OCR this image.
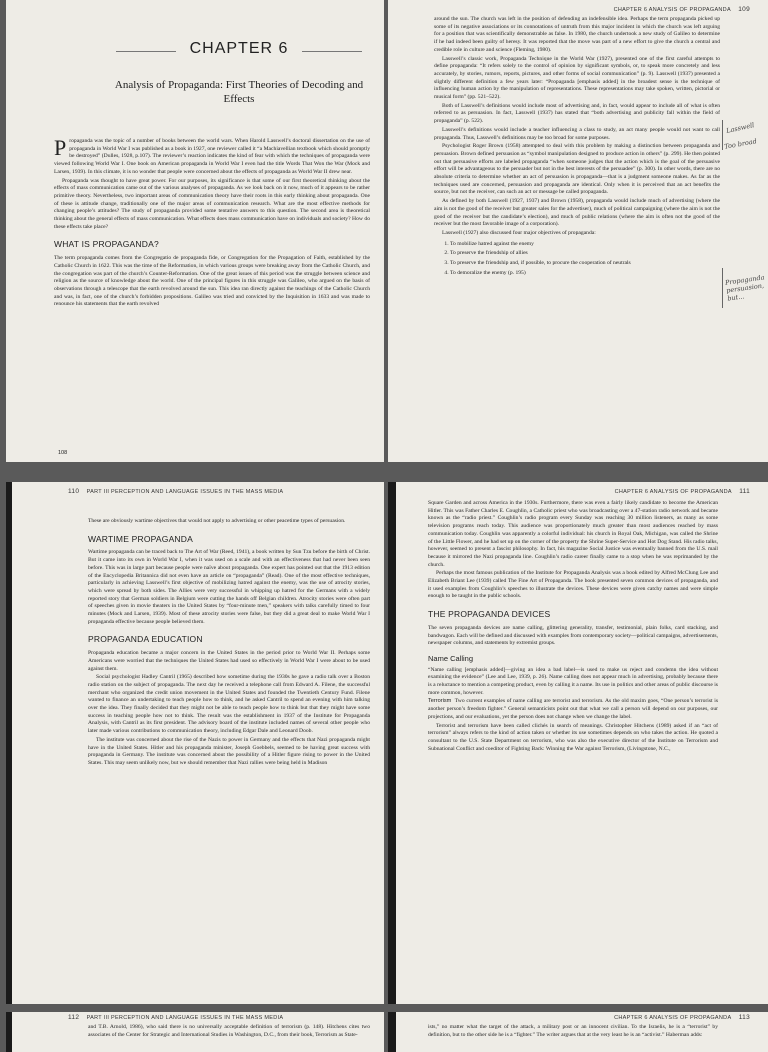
CHAPTER 6
Analysis of Propaganda: First Theories of Decoding and Effects

Propaganda was the topic of a number of books between the world wars. When Harold Lasswell’s doctoral dissertation on the use of propaganda in World War I was published as a book in 1927, one reviewer called it “a Machiavellian textbook which should promptly be destroyed” (Dulles, 1928, p.107). The reviewer’s reaction indicates the kind of fear with which the techniques of propaganda were viewed following World War I. One book on American propaganda in World War I even had the title Words That Won the War (Mock and Larsen, 1939). In this climate, it is no wonder that people were concerned about the effects of propaganda as World War II drew near.

Propaganda was thought to have great power. For our purposes, its significance is that some of our first theoretical thinking about the effects of mass communication came out of the various analyses of propaganda. As we look back on it now, much of it appears to be rather primitive theory. Nevertheless, two important areas of communication theory have their roots in this early thinking about propaganda. One of these is attitude change, traditionally one of the major areas of communication research. What are the most effective methods for changing people’s attitudes? The study of propaganda provided some tentative answers to this question. The second area is theoretical thinking about the general effects of mass communication. What effects does mass communication have on individuals and society? How do these effects take place?

WHAT IS PROPAGANDA?

The term propaganda comes from the Congregatio de propaganda fide, or Congregation for the Propagation of Faith, established by the Catholic Church in 1622. This was the time of the Reformation, in which various groups were breaking away from the Catholic Church, and the congregation was part of the church’s Counter-Reformation. One of the great issues of this period was the struggle between science and religion as the source of knowledge about the world. One of the principal figures in this struggle was Galileo, who argued on the basis of observations through a telescope that the earth revolved around the sun. This idea ran directly against the teachings of the Catholic Church and was, in fact, one of the church’s forbidden propositions. Galileo was tried and convicted by the Inquisition in 1633 and was made to renounce his statements that the earth revolved

108
CHAPTER 6 ANALYSIS OF PROPAGANDA 109

around the sun. The church was left in the position of defending an indefensible idea. Perhaps the term propaganda picked up some of its negative associations or its connotations of untruth from this major incident in which the church was left arguing for a position that was scientifically demonstrable as false. In 1980, the church undertook a new study of Galileo to determine if he had indeed been guilty of heresy. It was reported that the move was part of a new effort to give the church a central and credible role in culture and science (Fleming, 1980).

Lasswell’s classic work, Propaganda Technique in the World War (1927), presented one of the first careful attempts to define propaganda: “It refers solely to the control of opinion by significant symbols, or, to speak more concretely and less accurately, by stories, rumors, reports, pictures, and other forms of social communication” (p. 9). Lasswell (1937) presented a slightly different definition a few years later: “Propaganda [emphasis added] in the broadest sense is the technique of influencing human action by the manipulation of representations. These representations may take spoken, written, pictorial or musical form” (pp. 521–522).

Both of Lasswell’s definitions would include most of advertising and, in fact, would appear to include all of what is often referred to as persuasion. In fact, Lasswell (1937) has stated that “both advertising and publicity fall within the field of propaganda” (p. 522).

Lasswell’s definitions would include a teacher influencing a class to study, an act many people would not want to call propaganda. Thus, Lasswell’s definitions may be too broad for some purposes.

Psychologist Roger Brown (1958) attempted to deal with this problem by making a distinction between propaganda and persuasion. Brown defined persuasion as “symbol manipulation designed to produce action in others” (p. 299). He then pointed out that persuasive efforts are labeled propaganda “when someone judges that the action which is the goal of the persuasive effort will be advantageous to the persuader but not in the best interests of the persuadee” (p. 300). In other words, there are no absolute criteria to determine whether an act of persuasion is propaganda—that is a judgment someone makes. As far as the techniques used are concerned, persuasion and propaganda are identical. Only when it is perceived that an act benefits the source, but not the receiver, can such an act or message be called propaganda.

As defined by both Lasswell (1927, 1937) and Brown (1958), propaganda would include much of advertising (where the aim is not the good of the receiver but greater sales for the advertiser), much of political campaigning (where the aim is not the good of the receiver but the candidate’s election), and much of public relations (where the aim is often not the good of the receiver but the most favorable image of a corporation).

Lasswell (1927) also discussed four major objectives of propaganda:

1. To mobilize hatred against the enemy
2. To preserve the friendship of allies
3. To preserve the friendship and, if possible, to procure the cooperation of neutrals
4. To demoralize the enemy (p. 195)
Lasswell
Too broad
Propaganda persuasion, but...
110 PART III PERCEPTION AND LANGUAGE ISSUES IN THE MASS MEDIA

These are obviously wartime objectives that would not apply to advertising or other peacetime types of persuasion.

WARTIME PROPAGANDA

Wartime propaganda can be traced back to The Art of War (Reed, 1941), a book written by Sun Tzu before the birth of Christ. But it came into its own in World War I, when it was used on a scale and with an effectiveness that had never been seen before. This was in large part because people were naïve about propaganda. One expert has pointed out that the 1913 edition of the Encyclopedia Britannica did not even have an article on “propaganda” (Read). One of the most effective techniques, particularly in achieving Lasswell’s first objective of mobilizing hatred against the enemy, was the use of atrocity stories, which were spread by both sides. The Allies were very successful in whipping up hatred for the Germans with a widely reported story that German soldiers in Belgium were cutting the hands off Belgian children. Atrocity stories were often part of speeches given in movie theaters in the United States by “four-minute men,” speakers with talks carefully timed to four minutes (Mock and Larsen, 1939). Most of these atrocity stories were false, but they did a great deal to make World War I propaganda effective because people believed them.

PROPAGANDA EDUCATION

Propaganda education became a major concern in the United States in the period prior to World War II. Perhaps some Americans were worried that the techniques the United States had used so effectively in World War I were about to be used against them.

Social psychologist Hadley Cantril (1965) described how sometime during the 1930s he gave a radio talk over a Boston radio station on the subject of propaganda. The next day he received a telephone call from Edward A. Filene, the successful merchant who organized the credit union movement in the United States and founded the Twentieth Century Fund. Filene wanted to finance an undertaking to teach people how to think, and he asked Cantril to spend an evening with him talking over the idea. They finally decided that they might not be able to teach people how to think but that they might have some success in teaching people how not to think. The result was the establishment in 1937 of the Institute for Propaganda Analysis, with Cantril as its first president. The advisory board of the institute included names of several other people who later made various contributions to communication theory, including Edgar Dale and Leonard Doob.

The institute was concerned about the rise of the Nazis to power in Germany and the effects that Nazi propaganda might have in the United States. Hitler and his propaganda minister, Joseph Goebbels, seemed to be having great success with propaganda in Germany. The institute was concerned about the possibility of a Hitler figure rising to power in the United States. This may seem unlikely now, but we should remember that Nazi rallies were being held in Madison

CHAPTER 6 ANALYSIS OF PROPAGANDA 111

Square Garden and across America in the 1930s. Furthermore, there was even a fairly likely candidate to become the American Hitler. This was Father Charles E. Coughlin, a Catholic priest who was broadcasting over a 47-station radio network and became known as the “radio priest.” Coughlin’s radio program every Sunday was reaching 30 million listeners, as many as some television programs reach today. This audience was proportionately much greater than most audiences reached by mass communication today. Coughlin was apparently a colorful individual: his church in Royal Oak, Michigan, was called the Shrine of the Little Flower, and he had set up on the corner of the property the Shrine Super-Service and Hot Dog Stand. His radio talks, however, seemed to present a fascist philosophy. In fact, his magazine Social Justice was eventually banned from the U.S. mail because it mirrored the Nazi propaganda line. Coughlin’s radio career finally came to a stop when he was reprimanded by the church.

Perhaps the most famous publication of the Institute for Propaganda Analysis was a book edited by Alfred McClung Lee and Elizabeth Briant Lee (1939) called The Fine Art of Propaganda. The book presented seven common devices of propaganda, and it used examples from Coughlin’s speeches to illustrate the devices. These devices were given catchy names and were simple enough to be taught in the public schools.

THE PROPAGANDA DEVICES

The seven propaganda devices are name calling, glittering generality, transfer, testimonial, plain folks, card stacking, and bandwagon. Each will be defined and discussed with examples from contemporary society—political campaigns, advertisements, newspaper columns, and statements by extremist groups.

Name Calling

“Name calling [emphasis added]—giving an idea a bad label—is used to make us reject and condemn the idea without examining the evidence” (Lee and Lee, 1939, p. 26). Name calling does not appear much in advertising, probably because there is a reluctance to mention a competing product, even by calling it a name. Its use in politics and other areas of public discourse is more common, however.

Terrorism Two current examples of name calling are terrorist and terrorism. As the old maxim goes, “One person’s terrorist is another person’s freedom fighter.” General semanticists point out that what we call a person will depend on our purposes, our projections, and our evaluations, yet the person does not change when we change the label.

Terrorist and terrorism have been called clichés in search of meanings. Christopher Hitchens (1989) asked if an “act of terrorism” always refers to the kind of action taken or whether its use sometimes depends on who takes the action. He quoted a consultant to the U.S. State Department on terrorism, who was also the executive director of the Institute on Terrorism and Subnational Conflict and coeditor of Fighting Back: Winning the War against Terrorism, (Livingstone, N.C.,

112 PART III PERCEPTION AND LANGUAGE ISSUES IN THE MASS MEDIA

and T.B. Arnold, 1986), who said there is no universally acceptable definition of terrorism (p. 148). Hitchens cites two associates of the Center for Strategic and International Studies in Washington, D.C., from their book, Terrorism as State-

CHAPTER 6 ANALYSIS OF PROPAGANDA 113

ists,” no matter what the target of the attack, a military post or an innocent civilian. To the Israelis, he is a “terrorist” by definition, but to the other side he is a “fighter.” The writer argues that at the very least he is an “activist.” Haberman adds:
